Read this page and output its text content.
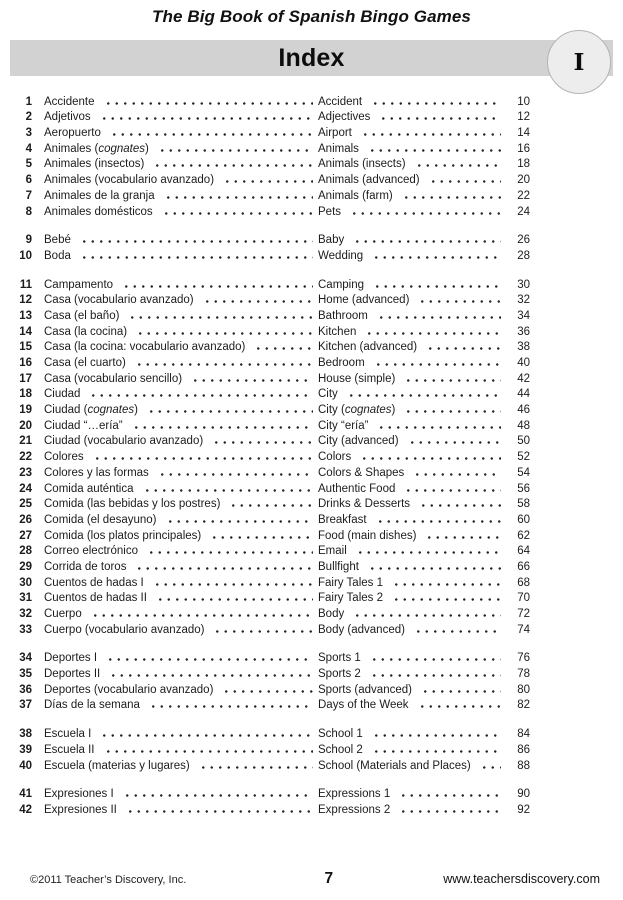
The Big Book of Spanish Bingo Games
Index	I
1 Accidente	Accident	10
2 Adjetivos	Adjectives	12
3 Aeropuerto	Airport	14
4 Animales (cognates)	Animals	16
5 Animales (insectos)	Animals (insects)	18
6 Animales (vocabulario avanzado)	Animals (advanced)	20
7 Animales de la granja	Animals (farm)	22
8 Animales domésticos	Pets	24
9 Bebé	Baby	26
10 Boda	Wedding	28
11 Campamento	Camping	30
12 Casa (vocabulario avanzado)	Home (advanced)	32
13 Casa (el baño)	Bathroom	34
14 Casa (la cocina)	Kitchen	36
15 Casa (la cocina: vocabulario avanzado)	Kitchen (advanced)	38
16 Casa (el cuarto)	Bedroom	40
17 Casa (vocabulario sencillo)	House (simple)	42
18 Ciudad	City	44
19 Ciudad (cognates)	City (cognates)	46
20 Ciudad “…ería”	City “ería”	48
21 Ciudad (vocabulario avanzado)	City (advanced)	50
22 Colores	Colors	52
23 Colores y las formas	Colors & Shapes	54
24 Comida auténtica	Authentic Food	56
25 Comida (las bebidas y los postres)	Drinks & Desserts	58
26 Comida (el desayuno)	Breakfast	60
27 Comida (los platos principales)	Food (main dishes)	62
28 Correo electrónico	Email	64
29 Corrida de toros	Bullfight	66
30 Cuentos de hadas I	Fairy Tales 1	68
31 Cuentos de hadas II	Fairy Tales 2	70
32 Cuerpo	Body	72
33 Cuerpo (vocabulario avanzado)	Body (advanced)	74
34 Deportes I	Sports 1	76
35 Deportes II	Sports 2	78
36 Deportes (vocabulario avanzado)	Sports (advanced)	80
37 Días de la semana	Days of the Week	82
38 Escuela I	School 1	84
39 Escuela II	School 2	86
40 Escuela (materias y lugares)	School (Materials and Places)	88
41 Expresiones I	Expressions 1	90
42 Expresiones II	Expressions 2	92
©2011 Teacher’s Discovery, Inc.	7	www.teachersdiscovery.com
